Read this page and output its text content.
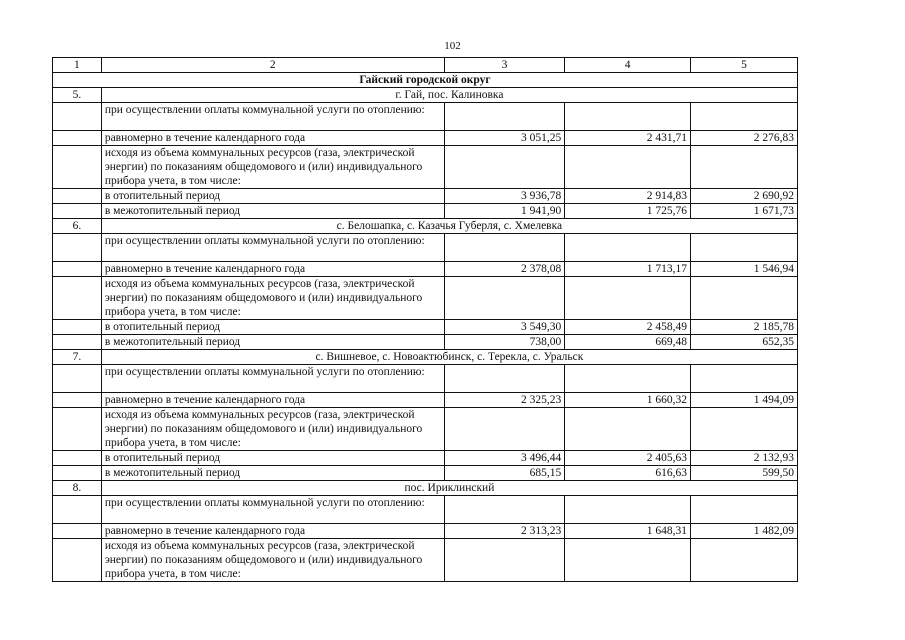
102
1	2	3	4	5
Гайский городской округ				
5.	г. Гай, пос. Калиновка			
	при осуществлении оплаты коммунальной услуги по отоплению:			
	равномерно в течение календарного года	3 051,25	2 431,71	2 276,83
	исходя из объема коммунальных ресурсов (газа, электрической энергии) по показаниям общедомового и (или) индивидуального прибора учета, в том числе:			
	в отопительный период	3 936,78	2 914,83	2 690,92
	в межотопительный период	1 941,90	1 725,76	1 671,73
6.	с. Белошапка, с. Казачья Губерля, с. Хмелевка			
	при осуществлении оплаты коммунальной услуги по отоплению:			
	равномерно в течение календарного года	2 378,08	1 713,17	1 546,94
	исходя из объема коммунальных ресурсов (газа, электрической энергии) по показаниям общедомового и (или) индивидуального прибора учета, в том числе:			
	в отопительный период	3 549,30	2 458,49	2 185,78
	в межотопительный период	738,00	669,48	652,35
7.	с. Вишневое, с. Новоактюбинск, с. Терекла, с. Уральск			
	при осуществлении оплаты коммунальной услуги по отоплению:			
	равномерно в течение календарного года	2 325,23	1 660,32	1 494,09
	исходя из объема коммунальных ресурсов (газа, электрической энергии) по показаниям общедомового и (или) индивидуального прибора учета, в том числе:			
	в отопительный период	3 496,44	2 405,63	2 132,93
	в межотопительный период	685,15	616,63	599,50
8.	пос. Ириклинский			
	при осуществлении оплаты коммунальной услуги по отоплению:			
	равномерно в течение календарного года	2 313,23	1 648,31	1 482,09
	исходя из объема коммунальных ресурсов (газа, электрической энергии) по показаниям общедомового и (или) индивидуального прибора учета, в том числе:			
